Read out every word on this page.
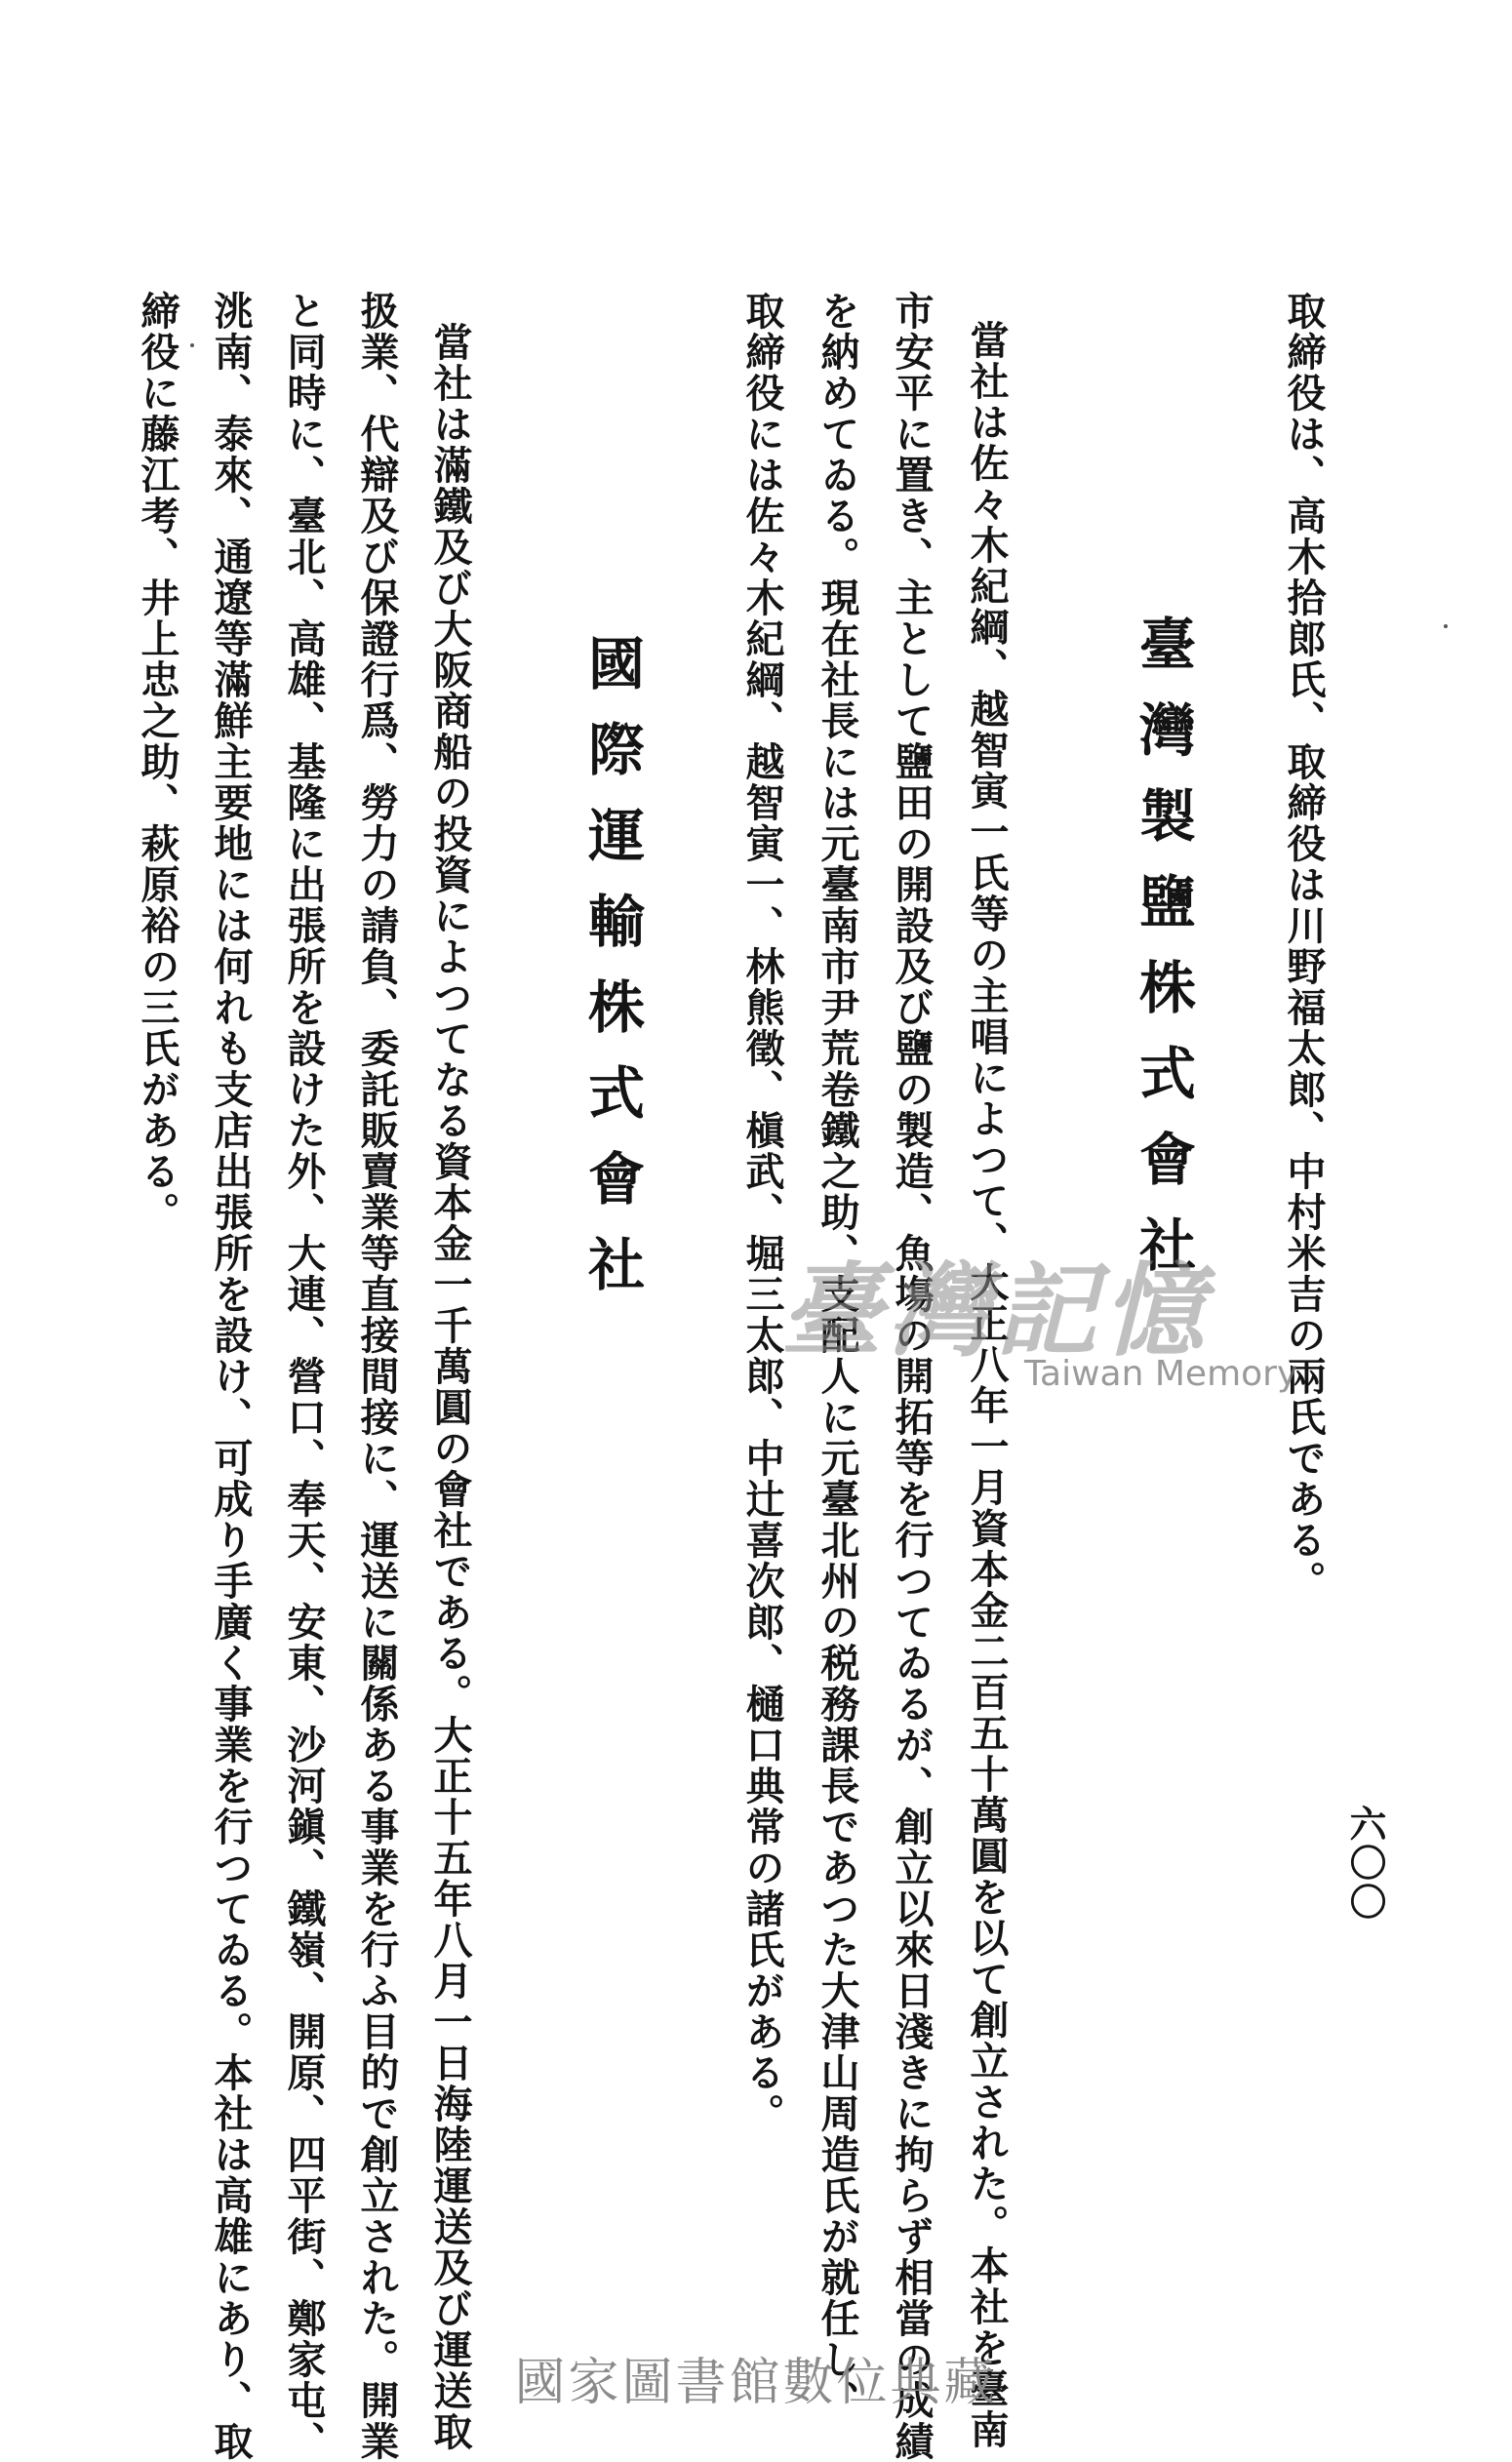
取締役は、高木拾郎氏、取締役は川野福太郎、中村米吉の兩氏である。
臺灣製鹽株式會社
當社は佐々木紀綱、越智寅一氏等の主唱によつて、大正八年一月資本金二百五十萬圓を以て創立された。本社を臺南
市安平に置き、主として鹽田の開設及び鹽の製造、魚塲の開拓等を行つてゐるが、創立以來日淺きに拘らず相當の成績
を納めてゐる。現在社長には元臺南市尹荒卷鐵之助、支配人に元臺北州の税務課長であつた大津山周造氏が就任し、
取締役には佐々木紀綱、越智寅一、林熊徵、槇武、堀三太郎、中辻喜次郎、樋口典常の諸氏がある。
國際運輸株式會社
當社は滿鐵及び大阪商船の投資によつてなる資本金一千萬圓の會社である。大正十五年八月一日海陸運送及び運送取
扱業、代辯及び保證行爲、勞力の請負、委託販賣業等直接間接に、運送に關係ある事業を行ふ目的で創立された。開業
と同時に、臺北、高雄、基隆に出張所を設けた外、大連、營口、奉天、安東、沙河鎭、鐵嶺、開原、四平街、鄭家屯、
洮南、泰來、通遼等滿鮮主要地には何れも支店出張所を設け、可成り手廣く事業を行つてゐる。本社は高雄にあり、取
締役に藤江考、井上忠之助、萩原裕の三氏がある。
六〇〇
臺灣記憶
Taiwan Memory
國家圖書館數位典藏
